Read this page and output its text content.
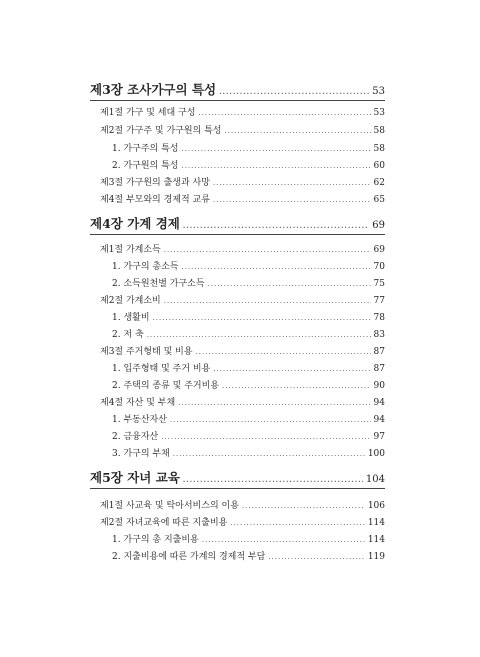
제3장 조사가구의 특성 .....	53
제1절 가구 및 세대 구성 .....	53
제2절 가구주 및 가구원의 특성 .....	58
1. 가구주의 특성 .....	58
2. 가구원의 특성 .....	60
제3절 가구원의 출생과 사망 .....	62
제4절 부모와의 경제적 교류 .....	65
제4장 가계 경제 .....	69
제1절 가계소득 .....	69
1. 가구의 총소득 .....	70
2. 소득원천별 가구소득 .....	75
제2절 가계소비 .....	77
1. 생활비 .....	78
2. 저 축 .....	83
제3절 주거형태 및 비용 .....	87
1. 입주형태 및 주거 비용 .....	87
2. 주택의 종류 및 주거비용 .....	90
제4절 자산 및 부채 .....	94
1. 부동산자산 .....	94
2. 금융자산 .....	97
3. 가구의 부채 .....	100
제5장 자녀 교육 .....	104
제1절 사교육 및 탁아서비스의 이용 .....	106
제2절 자녀교육에 따른 지출비용 .....	114
1. 가구의 총 지출비용 .....	114
2. 지출비용에 따른 가계의 경제적 부담 .....	119
